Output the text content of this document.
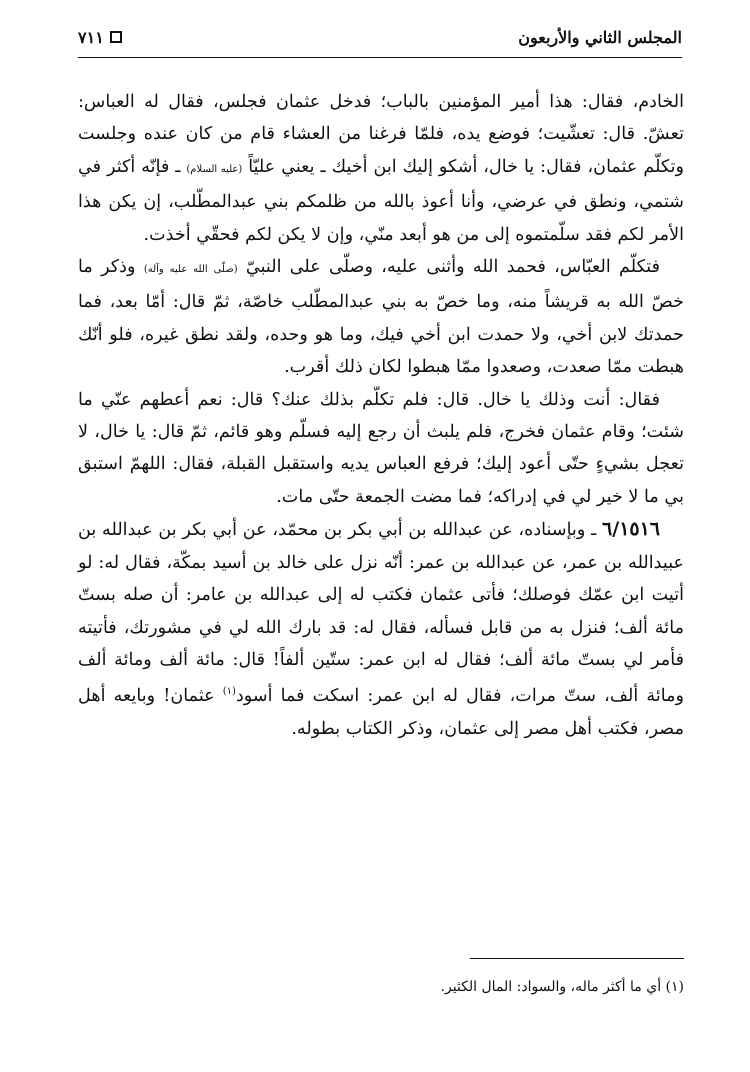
المجلس الثاني والأربعون
٧١١

الخادم، فقال: هذا أمير المؤمنين بالباب؛ فدخل عثمان فجلس، فقال له العباس: تعشّ. قال: تعشّيت؛ فوضع يده، فلمّا فرغنا من العشاء قام من كان عنده وجلست وتكلّم عثمان، فقال: يا خال، أشكو إليك ابن أخيك ـ يعني عليّاً (عليه السلام) ـ فإنّه أكثر في شتمي، ونطق في عرضي، وأنا أعوذ بالله من ظلمكم بني عبدالمطّلب، إن يكن هذا الأمر لكم فقد سلّمتموه إلى من هو أبعد منّي، وإن لا يكن لكم فحقّي أخذت.

فتكلّم العبّاس، فحمد الله وأثنى عليه، وصلّى على النبيّ (صلّى الله عليه وآله) وذكر ما خصّ الله به قريشاً منه، وما خصّ به بني عبدالمطّلب خاصّة، ثمّ قال: أمّا بعد، فما حمدتك لابن أخي، ولا حمدت ابن أخي فيك، وما هو وحده، ولقد نطق غيره، فلو أنّك هبطت ممّا صعدت، وصعدوا ممّا هبطوا لكان ذلك أقرب.

فقال: أنت وذلك يا خال. قال: فلم تكلّم بذلك عنك؟ قال: نعم أعطهم عنّي ما شئت؛ وقام عثمان فخرج، فلم يلبث أن رجع إليه فسلّم وهو قائم، ثمّ قال: يا خال، لا تعجل بشيءٍ حتّى أعود إليك؛ فرفع العباس يديه واستقبل القبلة، فقال: اللهمّ استبق بي ما لا خير لي في إدراكه؛ فما مضت الجمعة حتّى مات.

٦/١٥١٦ ـ وبإسناده، عن عبدالله بن أبي بكر بن محمّد، عن أبي بكر بن عبدالله بن عبيدالله بن عمر، عن عبدالله بن عمر: أنّه نزل على خالد بن أسيد بمكّة، فقال له: لو أتيت ابن عمّك فوصلك؛ فأتى عثمان فكتب له إلى عبدالله بن عامر: أن صله بستّ مائة ألف؛ فنزل به من قابل فسأله، فقال له: قد بارك الله لي في مشورتك، فأتيته فأمر لي بستّ مائة ألف؛ فقال له ابن عمر: ستّين ألفاً! قال: مائة ألف ومائة ألف ومائة ألف، ستّ مرات، فقال له ابن عمر: اسكت فما أسود$^{(١)}$ عثمان! وبايعه أهل مصر، فكتب أهل مصر إلى عثمان، وذكر الكتاب بطوله.

(١) أي ما أكثر ماله، والسواد: المال الكثير.
